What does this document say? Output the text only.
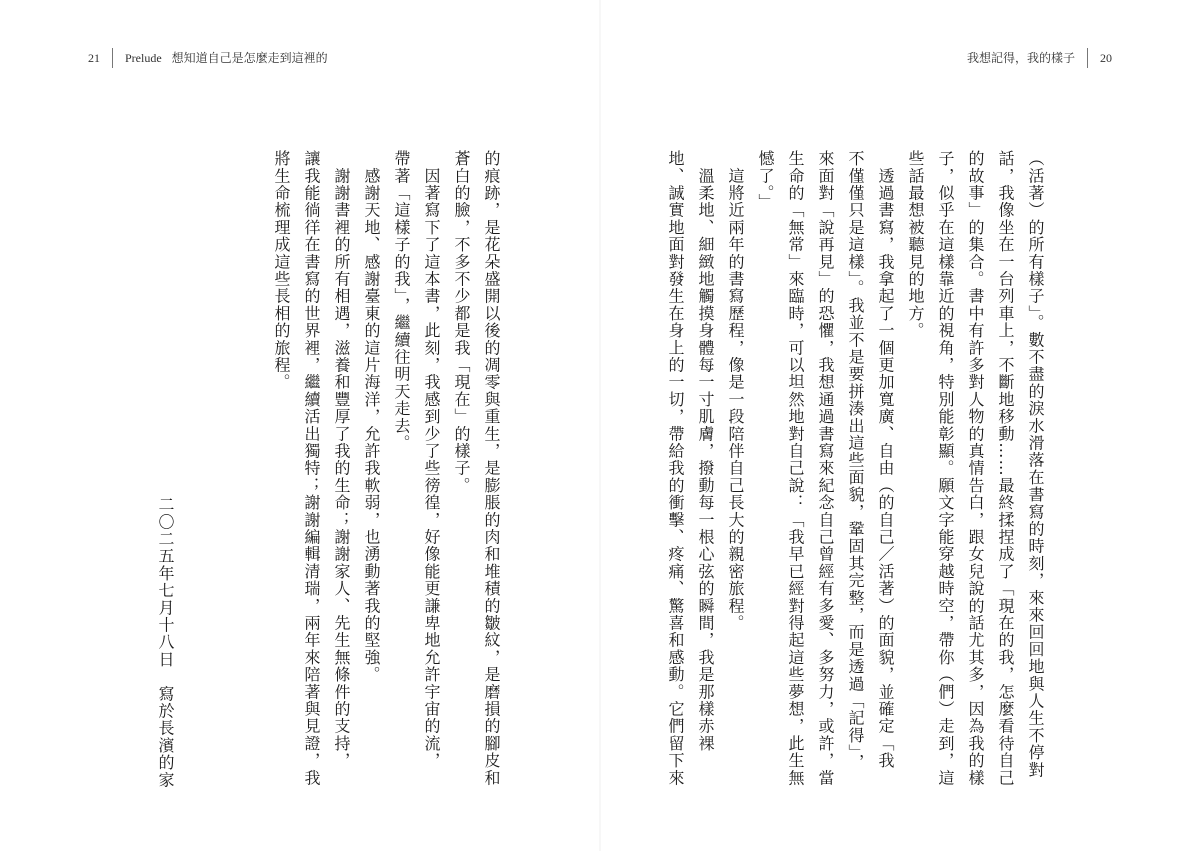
21 Prelude 想知道自己是怎麼走到這裡的	我想記得，我的樣子 20
（活著）的所有樣子」。數不盡的淚水滑落在書寫的時刻，來來回回地與人生不停對
話，我像坐在一台列車上，不斷地移動……最終揉捏成了「現在的我，怎麼看待自己
的故事」的集合。書中有許多對人物的真情告白，跟女兒說的話尤其多，因為我的樣
子，似乎在這樣靠近的視角，特別能彰顯。願文字能穿越時空，帶你（們）走到，這
些話最想被聽見的地方。
　透過書寫，我拿起了一個更加寬廣、自由（的自己／活著）的面貌，並確定「我
不僅僅只是這樣」。我並不是要拼湊出這些面貌，鞏固其完整，而是透過「記得」，
來面對「說再見」的恐懼，我想通過書寫來紀念自己曾經有多愛、多努力，或許，當
生命的「無常」來臨時，可以坦然地對自己說：「我早已經對得起這些夢想，此生無
憾了。」
　這將近兩年的書寫歷程，像是一段陪伴自己長大的親密旅程。
　溫柔地、細緻地觸摸身體每一寸肌膚，撥動每一根心弦的瞬間，我是那樣赤裸
地、誠實地面對發生在身上的一切，帶給我的衝擊、疼痛、驚喜和感動。它們留下來
的痕跡，是花朵盛開以後的凋零與重生，是膨脹的肉和堆積的皺紋，是磨損的腳皮和
蒼白的臉，不多不少都是我「現在」的樣子。
　因著寫下了這本書，此刻，我感到少了些徬徨，好像能更謙卑地允許宇宙的流，
帶著「這樣子的我」，繼續往明天走去。
　感謝天地、感謝臺東的這片海洋，允許我軟弱，也湧動著我的堅強。
　謝謝書裡的所有相遇，滋養和豐厚了我的生命；謝謝家人、先生無條件的支持，
讓我能徜徉在書寫的世界裡，繼續活出獨特；謝謝編輯清瑞，兩年來陪著與見證，我
將生命梳理成這些長相的旅程。
二〇二五年七月十八日　寫於長濱的家
